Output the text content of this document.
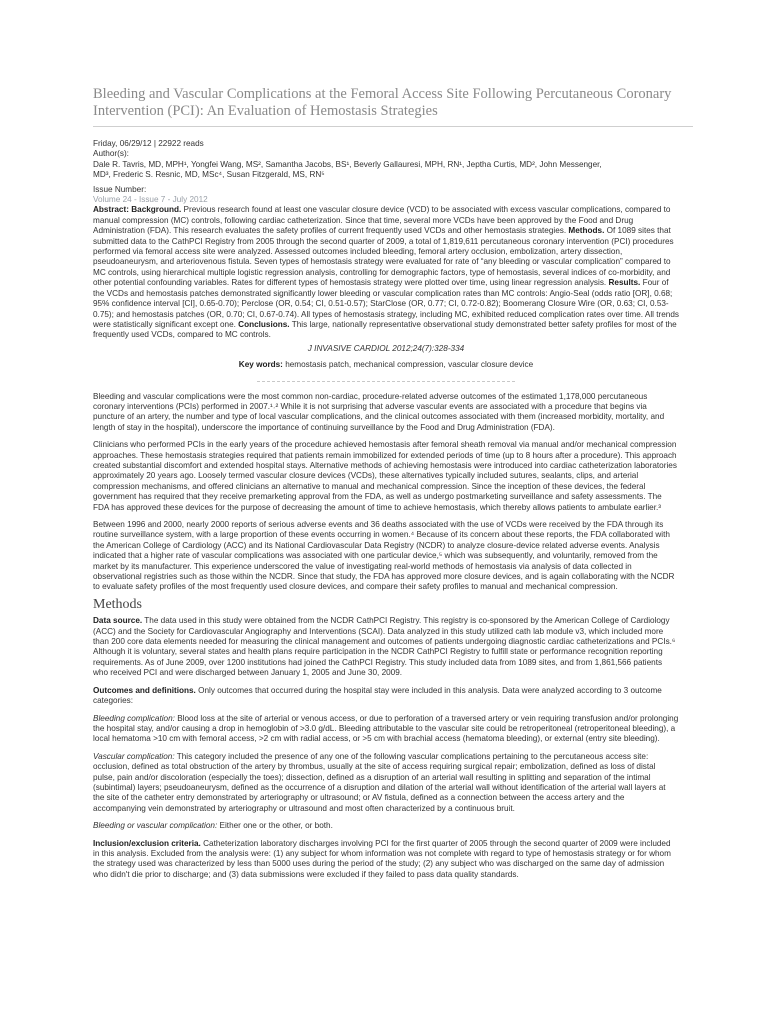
Bleeding and Vascular Complications at the Femoral Access Site Following Percutaneous Coronary Intervention (PCI): An Evaluation of Hemostasis Strategies
Friday, 06/29/12 | 22922 reads
Author(s):
Dale R. Tavris, MD, MPH¹, Yongfei Wang, MS², Samantha Jacobs, BS¹, Beverly Gallauresi, MPH, RN¹, Jeptha Curtis, MD², John Messenger,
MD³, Frederic S. Resnic, MD, MSc⁴, Susan Fitzgerald, MS, RN⁵
Issue Number:
Volume 24 - Issue 7 - July 2012

Abstract: Background. Previous research found at least one vascular closure device (VCD) to be associated with excess vascular complications, compared to manual compression (MC) controls, following cardiac catheterization. Since that time, several more VCDs have been approved by the Food and Drug Administration (FDA). This research evaluates the safety profiles of current frequently used VCDs and other hemostasis strategies. Methods. Of 1089 sites that submitted data to the CathPCI Registry from 2005 through the second quarter of 2009, a total of 1,819,611 percutaneous coronary intervention (PCI) procedures performed via femoral access site were analyzed. Assessed outcomes included bleeding, femoral artery occlusion, embolization, artery dissection, pseudoaneurysm, and arteriovenous fistula. Seven types of hemostasis strategy were evaluated for rate of “any bleeding or vascular complication” compared to MC controls, using hierarchical multiple logistic regression analysis, controlling for demographic factors, type of hemostasis, several indices of co-morbidity, and other potential confounding variables. Rates for different types of hemostasis strategy were plotted over time, using linear regression analysis. Results. Four of the VCDs and hemostasis patches demonstrated significantly lower bleeding or vascular complication rates than MC controls: Angio-Seal (odds ratio [OR], 0.68; 95% confidence interval [CI], 0.65-0.70); Perclose (OR, 0.54; CI, 0.51-0.57); StarClose (OR, 0.77; CI, 0.72-0.82); Boomerang Closure Wire (OR, 0.63; CI, 0.53-0.75); and hemostasis patches (OR, 0.70; CI, 0.67-0.74). All types of hemostasis strategy, including MC, exhibited reduced complication rates over time. All trends were statistically significant except one. Conclusions. This large, nationally representative observational study demonstrated better safety profiles for most of the frequently used VCDs, compared to MC controls.

J INVASIVE CARDIOL 2012;24(7):328-334
Key words: hemostasis patch, mechanical compression, vascular closure device

Bleeding and vascular complications were the most common non-cardiac, procedure-related adverse outcomes of the estimated 1,178,000 percutaneous coronary interventions (PCIs) performed in 2007.¹˒² While it is not surprising that adverse vascular events are associated with a procedure that begins via puncture of an artery, the number and type of local vascular complications, and the clinical outcomes associated with them (increased morbidity, mortality, and length of stay in the hospital), underscore the importance of continuing surveillance by the Food and Drug Administration (FDA).

Clinicians who performed PCIs in the early years of the procedure achieved hemostasis after femoral sheath removal via manual and/or mechanical compression approaches. These hemostasis strategies required that patients remain immobilized for extended periods of time (up to 8 hours after a procedure). This approach created substantial discomfort and extended hospital stays. Alternative methods of achieving hemostasis were introduced into cardiac catheterization laboratories approximately 20 years ago. Loosely termed vascular closure devices (VCDs), these alternatives typically included sutures, sealants, clips, and arterial compression mechanisms, and offered clinicians an alternative to manual and mechanical compression. Since the inception of these devices, the federal government has required that they receive premarketing approval from the FDA, as well as undergo postmarketing surveillance and safety assessments. The FDA has approved these devices for the purpose of decreasing the amount of time to achieve hemostasis, which thereby allows patients to ambulate earlier.³

Between 1996 and 2000, nearly 2000 reports of serious adverse events and 36 deaths associated with the use of VCDs were received by the FDA through its routine surveillance system, with a large proportion of these events occurring in women.⁴ Because of its concern about these reports, the FDA collaborated with the American College of Cardiology (ACC) and its National Cardiovascular Data Registry (NCDR) to analyze closure-device related adverse events. Analysis indicated that a higher rate of vascular complications was associated with one particular device,⁵ which was subsequently, and voluntarily, removed from the market by its manufacturer. This experience underscored the value of investigating real-world methods of hemostasis via analysis of data collected in observational registries such as those within the NCDR. Since that study, the FDA has approved more closure devices, and is again collaborating with the NCDR to evaluate safety profiles of the most frequently used closure devices, and compare their safety profiles to manual and mechanical compression.

Methods

Data source. The data used in this study were obtained from the NCDR CathPCI Registry. This registry is co-sponsored by the American College of Cardiology (ACC) and the Society for Cardiovascular Angiography and Interventions (SCAI). Data analyzed in this study utilized cath lab module v3, which included more than 200 core data elements needed for measuring the clinical management and outcomes of patients undergoing diagnostic cardiac catheterizations and PCIs.⁶ Although it is voluntary, several states and health plans require participation in the NCDR CathPCI Registry to fulfill state or performance recognition reporting requirements. As of June 2009, over 1200 institutions had joined the CathPCI Registry. This study included data from 1089 sites, and from 1,861,566 patients who received PCI and were discharged between January 1, 2005 and June 30, 2009.

Outcomes and definitions. Only outcomes that occurred during the hospital stay were included in this analysis. Data were analyzed according to 3 outcome categories:

Bleeding complication: Blood loss at the site of arterial or venous access, or due to perforation of a traversed artery or vein requiring transfusion and/or prolonging the hospital stay, and/or causing a drop in hemoglobin of >3.0 g/dL. Bleeding attributable to the vascular site could be retroperitoneal (retroperitoneal bleeding), a local hematoma >10 cm with femoral access, >2 cm with radial access, or >5 cm with brachial access (hematoma bleeding), or external (entry site bleeding).

Vascular complication: This category included the presence of any one of the following vascular complications pertaining to the percutaneous access site: occlusion, defined as total obstruction of the artery by thrombus, usually at the site of access requiring surgical repair; embolization, defined as loss of distal pulse, pain and/or discoloration (especially the toes); dissection, defined as a disruption of an arterial wall resulting in splitting and separation of the intimal (subintimal) layers; pseudoaneurysm, defined as the occurrence of a disruption and dilation of the arterial wall without identification of the arterial wall layers at the site of the catheter entry demonstrated by arteriography or ultrasound; or AV fistula, defined as a connection between the access artery and the accompanying vein demonstrated by arteriography or ultrasound and most often characterized by a continuous bruit.

Bleeding or vascular complication: Either one or the other, or both.

Inclusion/exclusion criteria. Catheterization laboratory discharges involving PCI for the first quarter of 2005 through the second quarter of 2009 were included in this analysis. Excluded from the analysis were: (1) any subject for whom information was not complete with regard to type of hemostasis strategy or for whom the strategy used was characterized by less than 5000 uses during the period of the study; (2) any subject who was discharged on the same day of admission who didn't die prior to discharge; and (3) data submissions were excluded if they failed to pass data quality standards.
